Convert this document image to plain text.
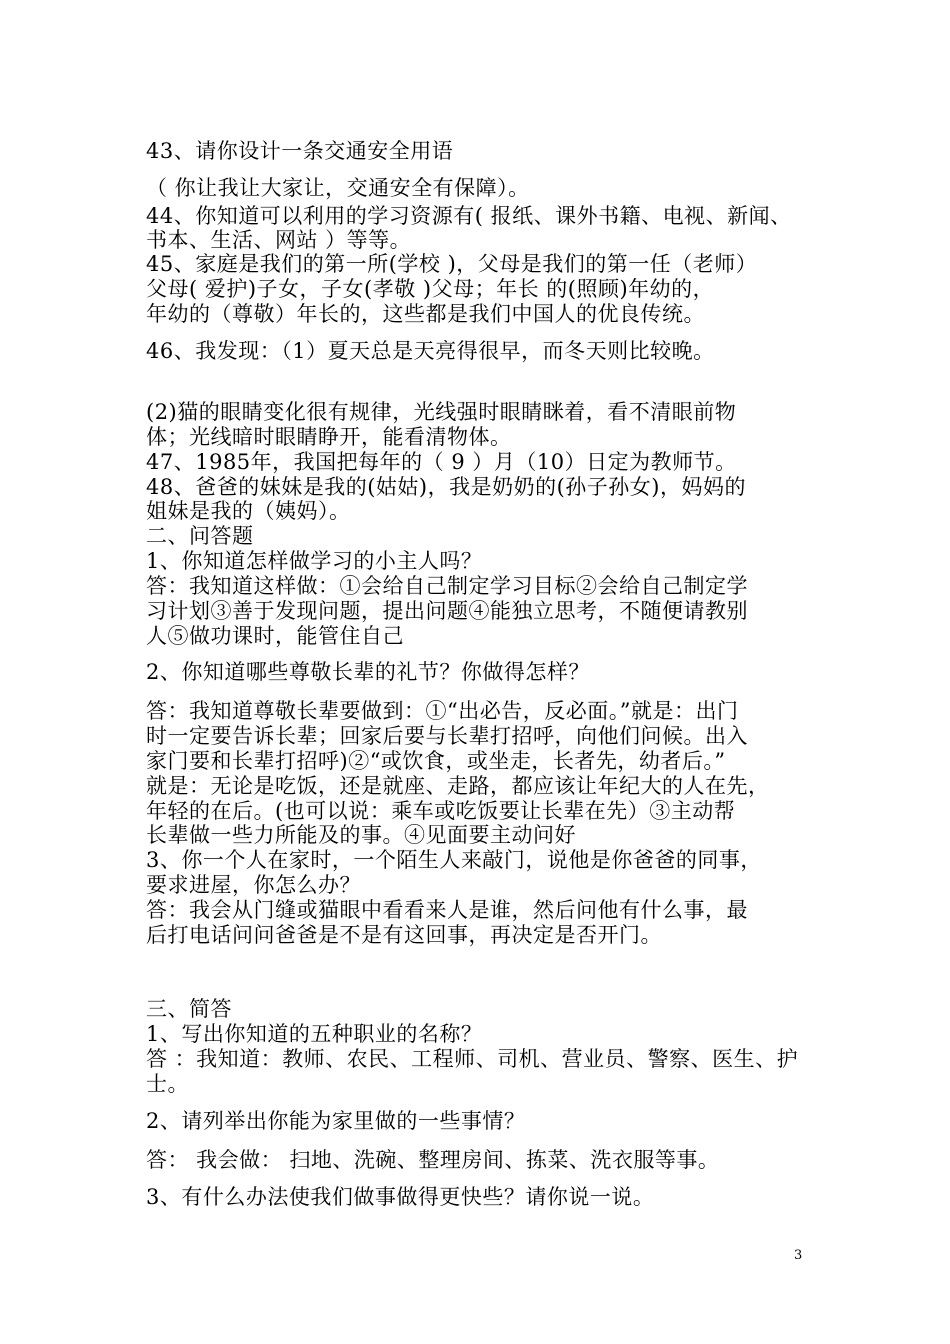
43、请你设计一条交通安全用语
（ 你让我让大家让，交通安全有保障）。
44、你知道可以利用的学习资源有( 报纸、课外书籍、电视、新闻、
书本、生活、网站 ）等等。
45、家庭是我们的第一所(学校 )，父母是我们的第一任（老师）
父母( 爱护)子女，子女(孝敬 )父母；年长 的(照顾)年幼的，
年幼的（尊敬）年长的，这些都是我们中国人的优良传统。
46、我发现：（1）夏天总是天亮得很早，而冬天则比较晚。
(2)猫的眼睛变化很有规律，光线强时眼睛眯着，看不清眼前物
体；光线暗时眼睛睁开，能看清物体。
47、1985年，我国把每年的（ 9 ）月（10）日定为教师节。
48、爸爸的妹妹是我的(姑姑)，我是奶奶的(孙子孙女)，妈妈的
姐妹是我的（姨妈）。
二、问答题
1、你知道怎样做学习的小主人吗？
答：我知道这样做：①会给自己制定学习目标②会给自己制定学
习计划③善于发现问题，提出问题④能独立思考，不随便请教别
人⑤做功课时，能管住自己
2、你知道哪些尊敬长辈的礼节？你做得怎样？
答：我知道尊敬长辈要做到：①“出必告，反必面。”就是：出门
时一定要告诉长辈；回家后要与长辈打招呼，向他们问候。出入
家门要和长辈打招呼)②“或饮食，或坐走，长者先，幼者后。”
就是：无论是吃饭，还是就座、走路，都应该让年纪大的人在先，
年轻的在后。(也可以说：乘车或吃饭要让长辈在先）③主动帮
长辈做一些力所能及的事。④见面要主动问好
3、你一个人在家时，一个陌生人来敲门，说他是你爸爸的同事，
要求进屋，你怎么办？
答：我会从门缝或猫眼中看看来人是谁，然后问他有什么事，最
后打电话问问爸爸是不是有这回事，再决定是否开门。
三、简答
1、写出你知道的五种职业的名称？
答 ：我知道：教师、农民、工程师、司机、营业员、警察、医生、护
士。
2、请列举出你能为家里做的一些事情？
答： 我会做： 扫地、洗碗、整理房间、拣菜、洗衣服等事。
3、有什么办法使我们做事做得更快些？请你说一说。
3
